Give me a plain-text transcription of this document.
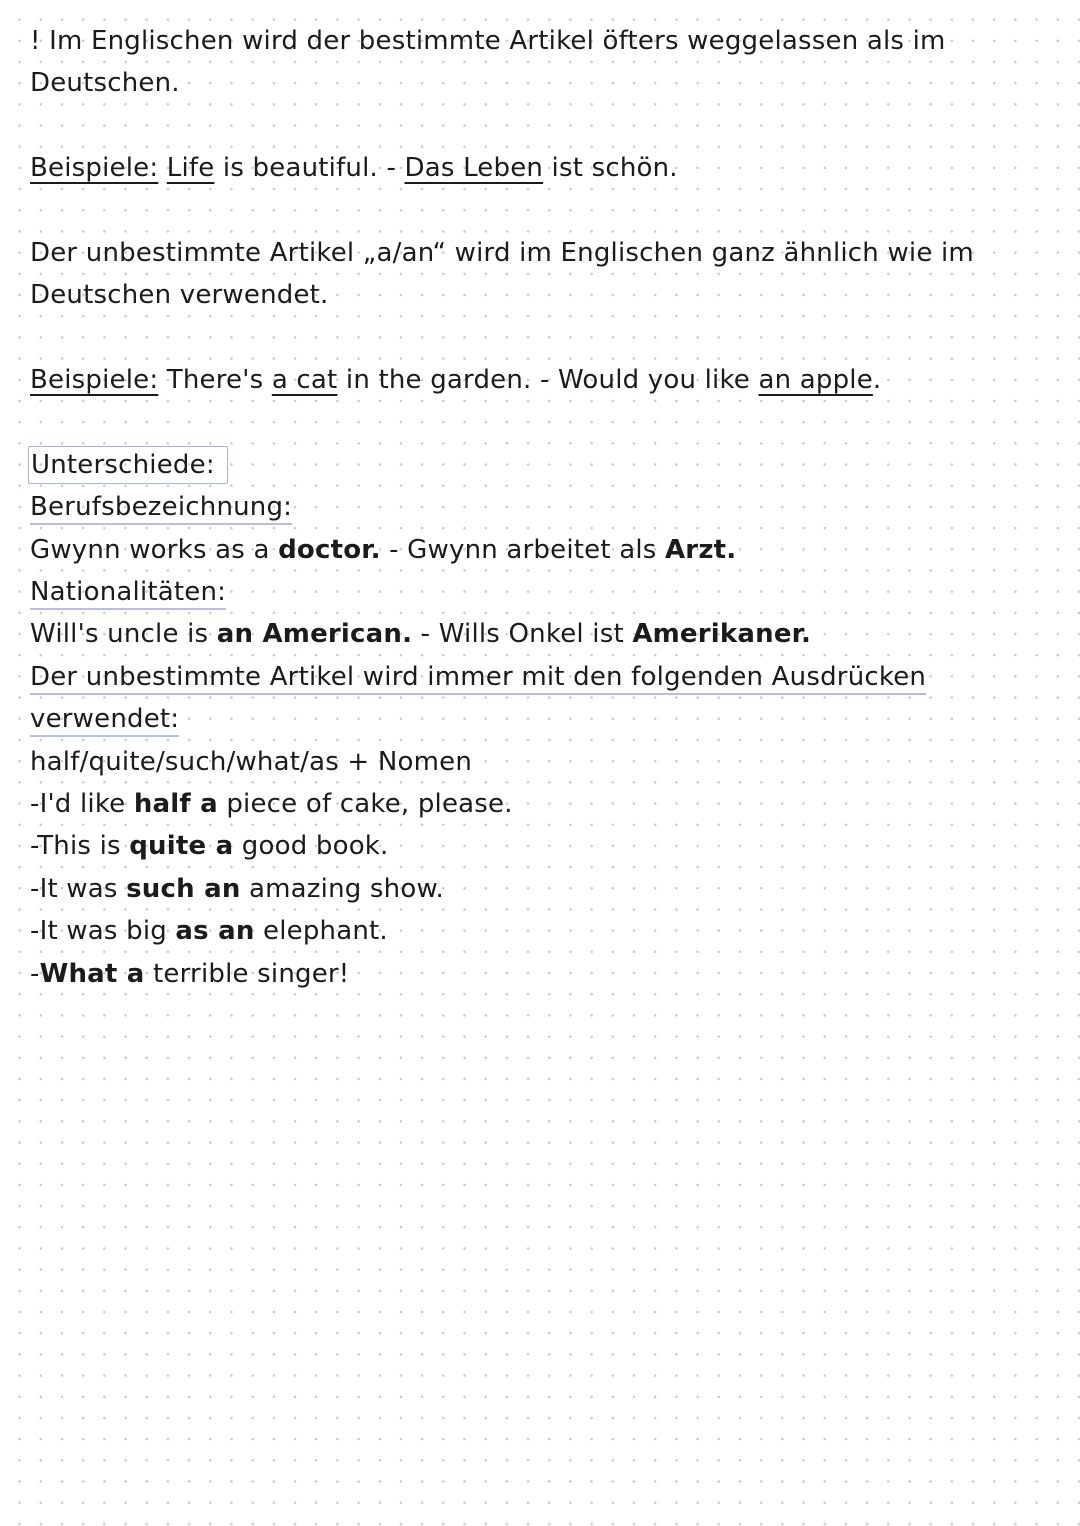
! Im Englischen wird der bestimmte Artikel öfters weggelassen als im
Deutschen.
Beispiele: Life is beautiful. - Das Leben ist schön.
Der unbestimmte Artikel „a/an“ wird im Englischen ganz ähnlich wie im
Deutschen verwendet.
Beispiele: There's a cat in the garden. - Would you like an apple.
Unterschiede:
Berufsbezeichnung:
Gwynn works as a doctor. - Gwynn arbeitet als Arzt.
Nationalitäten:
Will's uncle is an American. - Wills Onkel ist Amerikaner.
Der unbestimmte Artikel wird immer mit den folgenden Ausdrücken
verwendet:
half/quite/such/what/as + Nomen
-I'd like half a piece of cake, please.
-This is quite a good book.
-It was such an amazing show.
-It was big as an elephant.
-What a terrible singer!
